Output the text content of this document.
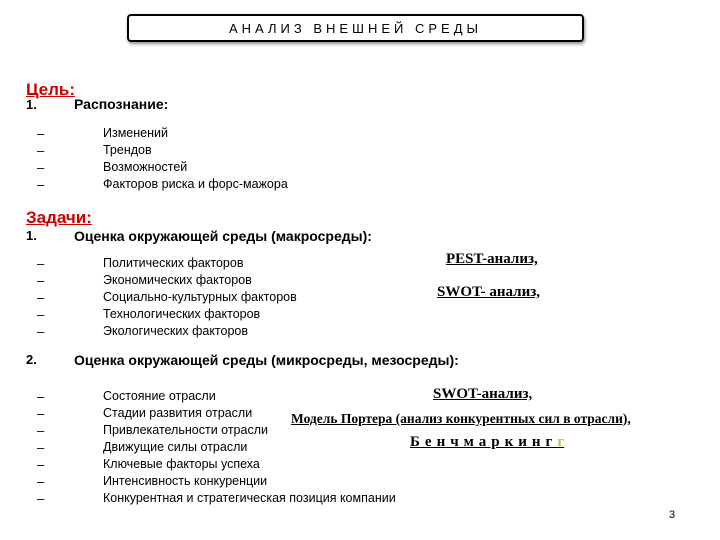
АНАЛИЗ ВНЕШНЕЙ СРЕДЫ
Цель:
1.	Распознание:
–
–
–
–
Изменений
Трендов
Возможностей
Факторов риска и форс-мажора
Задачи:
1.	Оценка окружающей среды (макросреды):
–
–
–
–
–
Политических факторов
Экономических факторов
Социально-культурных факторов
Технологических факторов
Экологических факторов
PEST-анализ,
SWOT- анализ,
2.	Оценка окружающей среды (микросреды, мезосреды):
–
–
–
–
–
–
–
Состояние отрасли
Стадии развития отрасли
Привлекательности отрасли
Движущие силы отрасли
Ключевые факторы успеха
Интенсивность конкуренции
Конкурентная и стратегическая позиция компании
SWOT-анализ,
Модель Портера (анализ конкурентных сил в отрасли),
Бенчмаркингг
3
